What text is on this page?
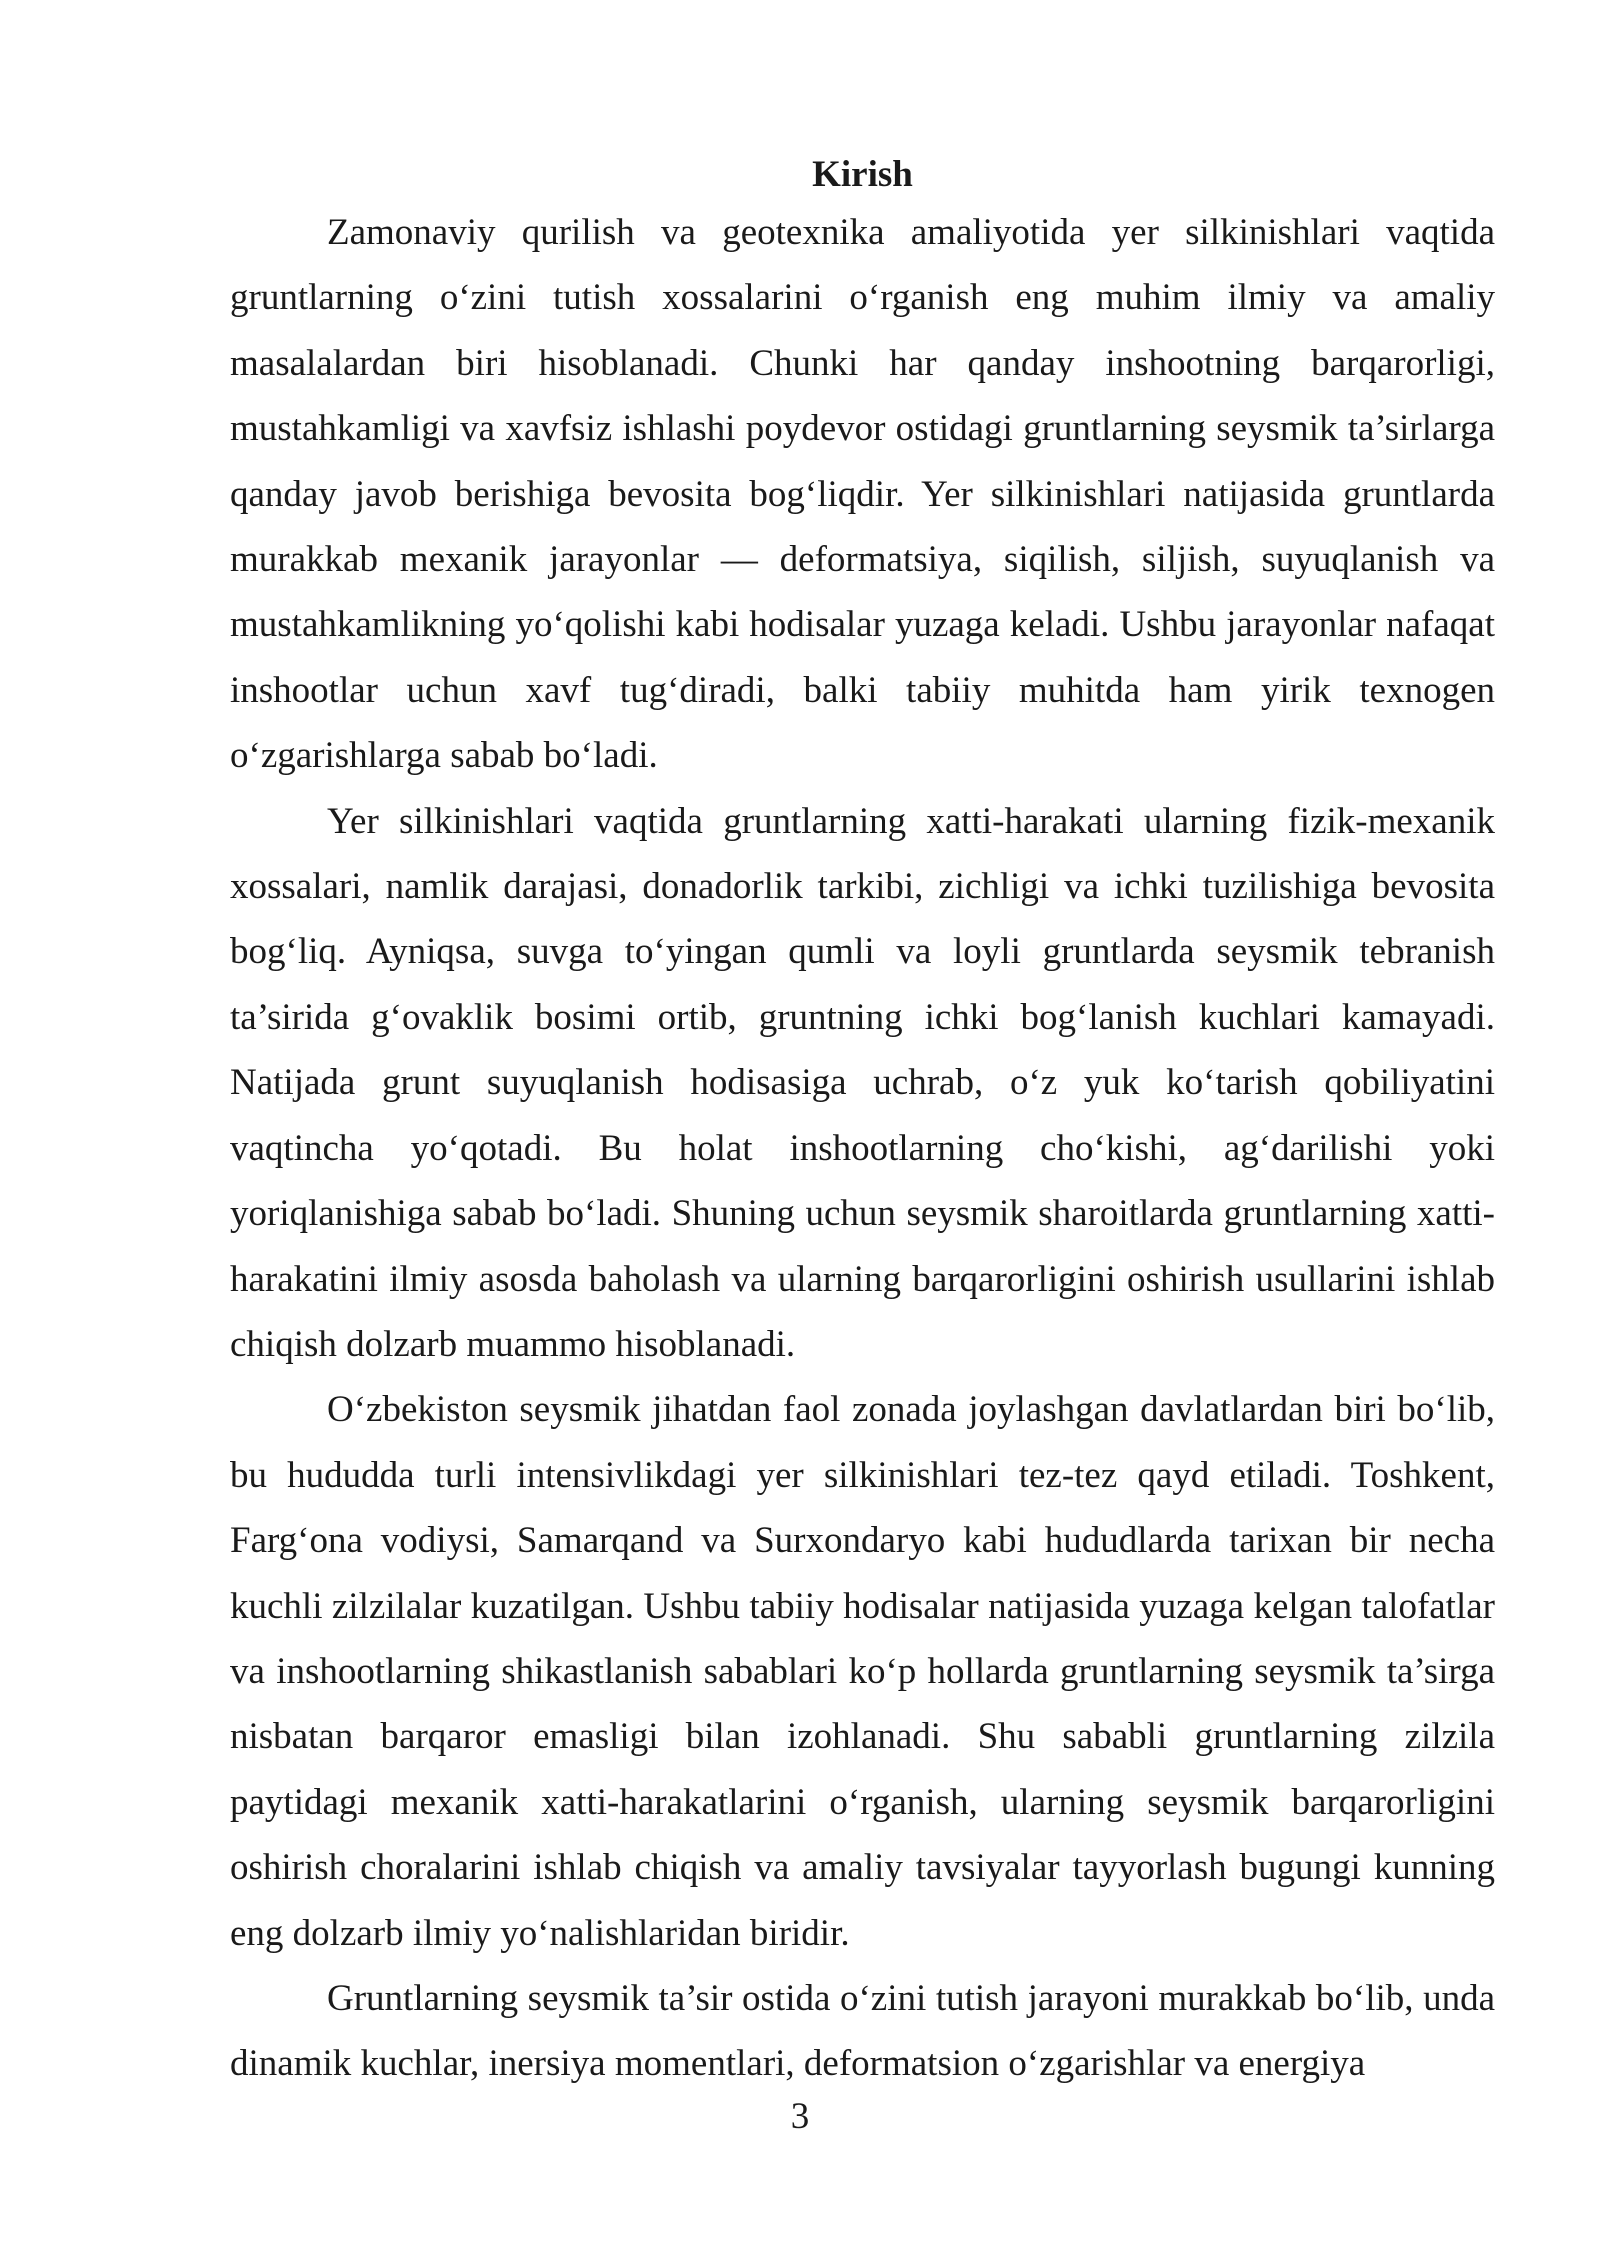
Kirish

Zamonaviy qurilish va geotexnika amaliyotida yer silkinishlari vaqtida gruntlarning o‘zini tutish xossalarini o‘rganish eng muhim ilmiy va amaliy masalalardan biri hisoblanadi. Chunki har qanday inshootning barqarorligi, mustahkamligi va xavfsiz ishlashi poydevor ostidagi gruntlarning seysmik ta’sirlarga qanday javob berishiga bevosita bog‘liqdir. Yer silkinishlari natijasida gruntlarda murakkab mexanik jarayonlar — deformatsiya, siqilish, siljish, suyuqlanish va mustahkamlikning yo‘qolishi kabi hodisalar yuzaga keladi. Ushbu jarayonlar nafaqat inshootlar uchun xavf tug‘diradi, balki tabiiy muhitda ham yirik texnogen o‘zgarishlarga sabab bo‘ladi.

Yer silkinishlari vaqtida gruntlarning xatti-harakati ularning fizik-mexanik xossalari, namlik darajasi, donadorlik tarkibi, zichligi va ichki tuzilishiga bevosita bog‘liq. Ayniqsa, suvga to‘yingan qumli va loyli gruntlarda seysmik tebranish ta’sirida g‘ovaklik bosimi ortib, gruntning ichki bog‘lanish kuchlari kamayadi. Natijada grunt suyuqlanish hodisasiga uchrab, o‘z yuk ko‘tarish qobiliyatini vaqtincha yo‘qotadi. Bu holat inshootlarning cho‘kishi, ag‘darilishi yoki yoriqlanishiga sabab bo‘ladi. Shuning uchun seysmik sharoitlarda gruntlarning xatti-harakatini ilmiy asosda baholash va ularning barqarorligini oshirish usullarini ishlab chiqish dolzarb muammo hisoblanadi.

O‘zbekiston seysmik jihatdan faol zonada joylashgan davlatlardan biri bo‘lib, bu hududda turli intensivlikdagi yer silkinishlari tez-tez qayd etiladi. Toshkent, Farg‘ona vodiysi, Samarqand va Surxondaryo kabi hududlarda tarixan bir necha kuchli zilzilalar kuzatilgan. Ushbu tabiiy hodisalar natijasida yuzaga kelgan talofatlar va inshootlarning shikastlanish sabablari ko‘p hollarda gruntlarning seysmik ta’sirga nisbatan barqaror emasligi bilan izohlanadi. Shu sababli gruntlarning zilzila paytidagi mexanik xatti-harakatlarini o‘rganish, ularning seysmik barqarorligini oshirish choralarini ishlab chiqish va amaliy tavsiyalar tayyorlash bugungi kunning eng dolzarb ilmiy yo‘nalishlaridan biridir.

Gruntlarning seysmik ta’sir ostida o‘zini tutish jarayoni murakkab bo‘lib, unda dinamik kuchlar, inersiya momentlari, deformatsion o‘zgarishlar va energiya

3
